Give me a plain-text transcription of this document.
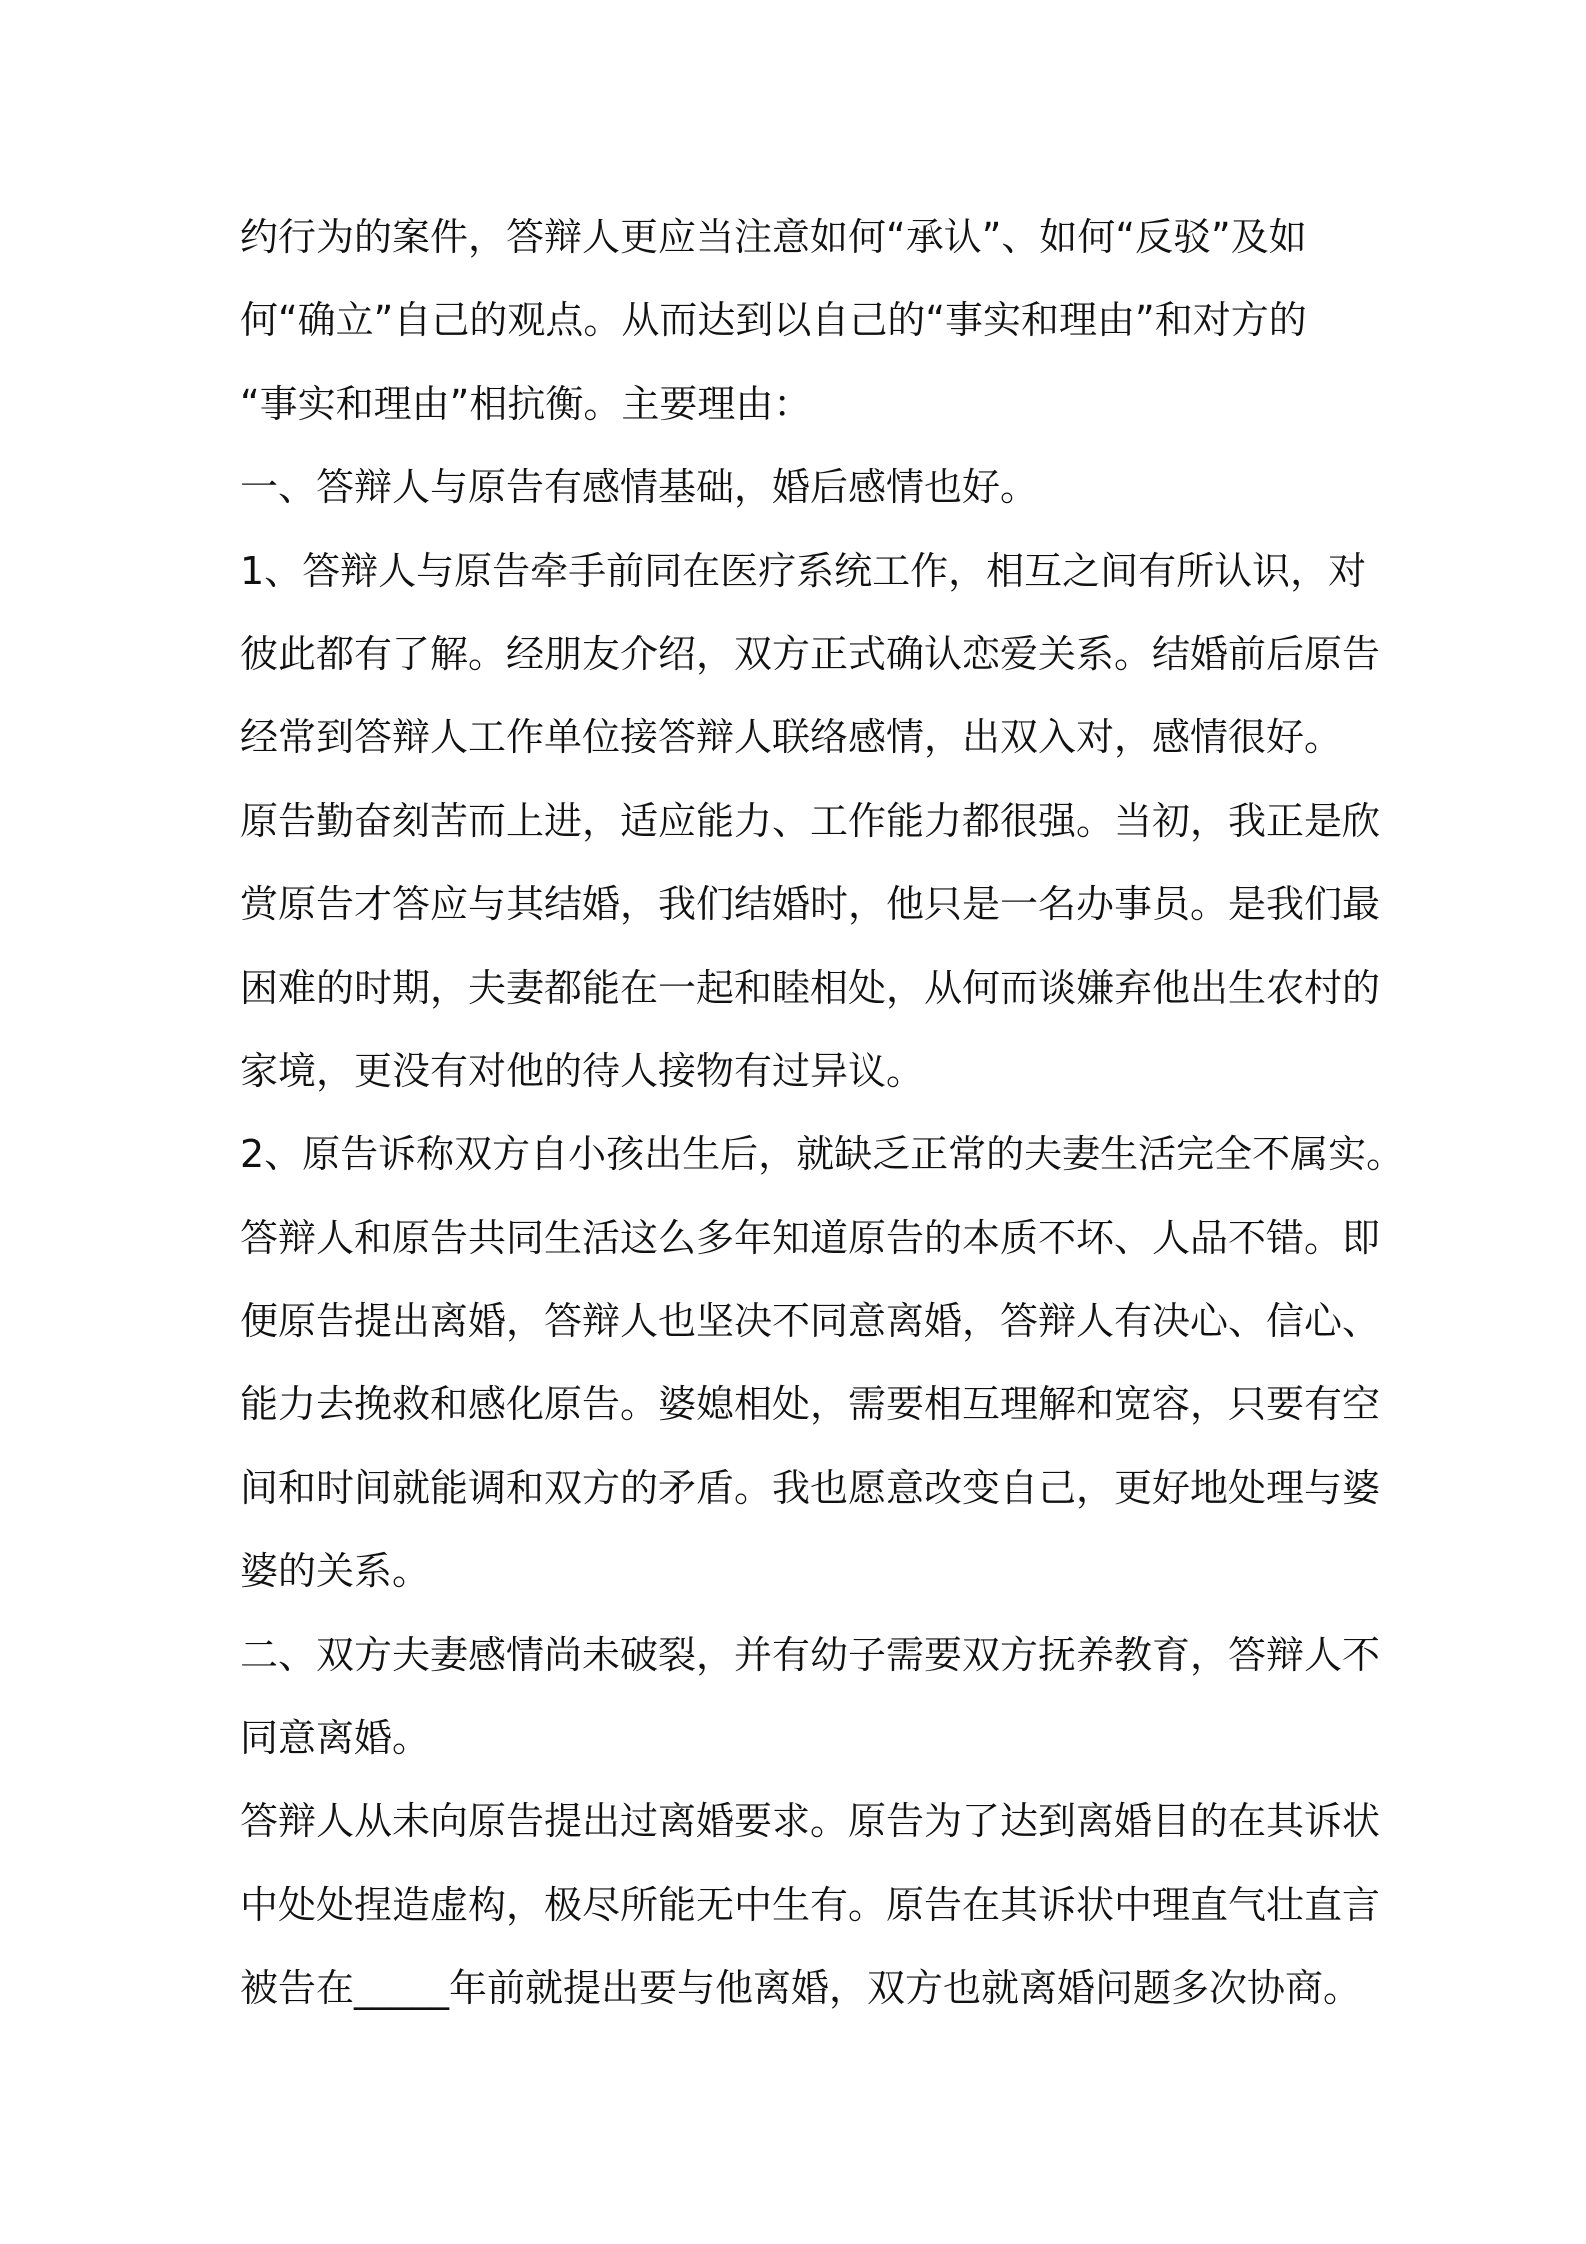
约行为的案件，答辩人更应当注意如何“承认”、如何“反驳”及如
何“确立”自己的观点。从而达到以自己的“事实和理由”和对方的
“事实和理由”相抗衡。主要理由：
一、答辩人与原告有感情基础，婚后感情也好。
1、答辩人与原告牵手前同在医疗系统工作，相互之间有所认识，对
彼此都有了解。经朋友介绍，双方正式确认恋爱关系。结婚前后原告
经常到答辩人工作单位接答辩人联络感情，出双入对，感情很好。
原告勤奋刻苦而上进，适应能力、工作能力都很强。当初，我正是欣
赏原告才答应与其结婚，我们结婚时，他只是一名办事员。是我们最
困难的时期，夫妻都能在一起和睦相处，从何而谈嫌弃他出生农村的
家境，更没有对他的待人接物有过异议。
2、原告诉称双方自小孩出生后，就缺乏正常的夫妻生活完全不属实。
答辩人和原告共同生活这么多年知道原告的本质不坏、人品不错。即
便原告提出离婚，答辩人也坚决不同意离婚，答辩人有决心、信心、
能力去挽救和感化原告。婆媳相处，需要相互理解和宽容，只要有空
间和时间就能调和双方的矛盾。我也愿意改变自己，更好地处理与婆
婆的关系。
二、双方夫妻感情尚未破裂，并有幼子需要双方抚养教育，答辩人不
同意离婚。
答辩人从未向原告提出过离婚要求。原告为了达到离婚目的在其诉状
中处处捏造虚构，极尽所能无中生有。原告在其诉状中理直气壮直言
被告在_____年前就提出要与他离婚，双方也就离婚问题多次协商。
